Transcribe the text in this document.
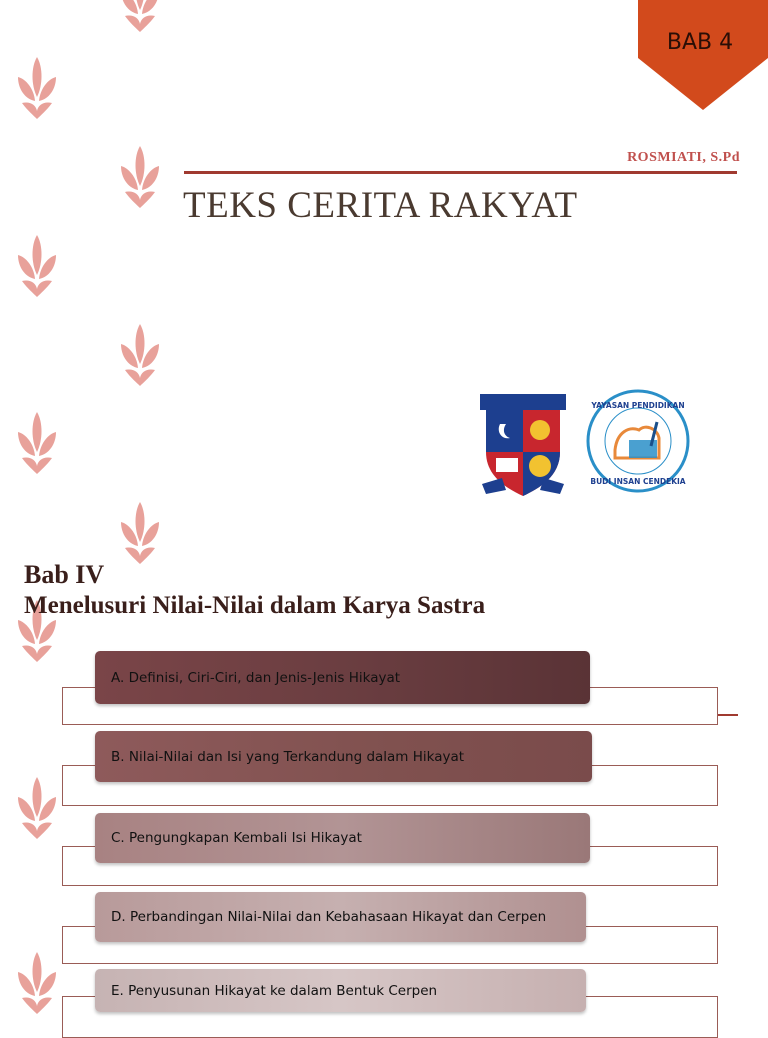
BAB 4
ROSMIATI, S.Pd
TEKS CERITA RAKYAT
YAYASAN PENDIDIKAN
BUDI INSAN CENDEKIA
Bab IV
Menelusuri Nilai-Nilai dalam Karya Sastra
A. Definisi, Ciri-Ciri, dan Jenis-Jenis Hikayat
B. Nilai-Nilai dan Isi yang Terkandung dalam Hikayat
C. Pengungkapan Kembali Isi Hikayat
D. Perbandingan Nilai-Nilai dan Kebahasaan Hikayat dan Cerpen
E. Penyusunan Hikayat ke dalam Bentuk Cerpen
